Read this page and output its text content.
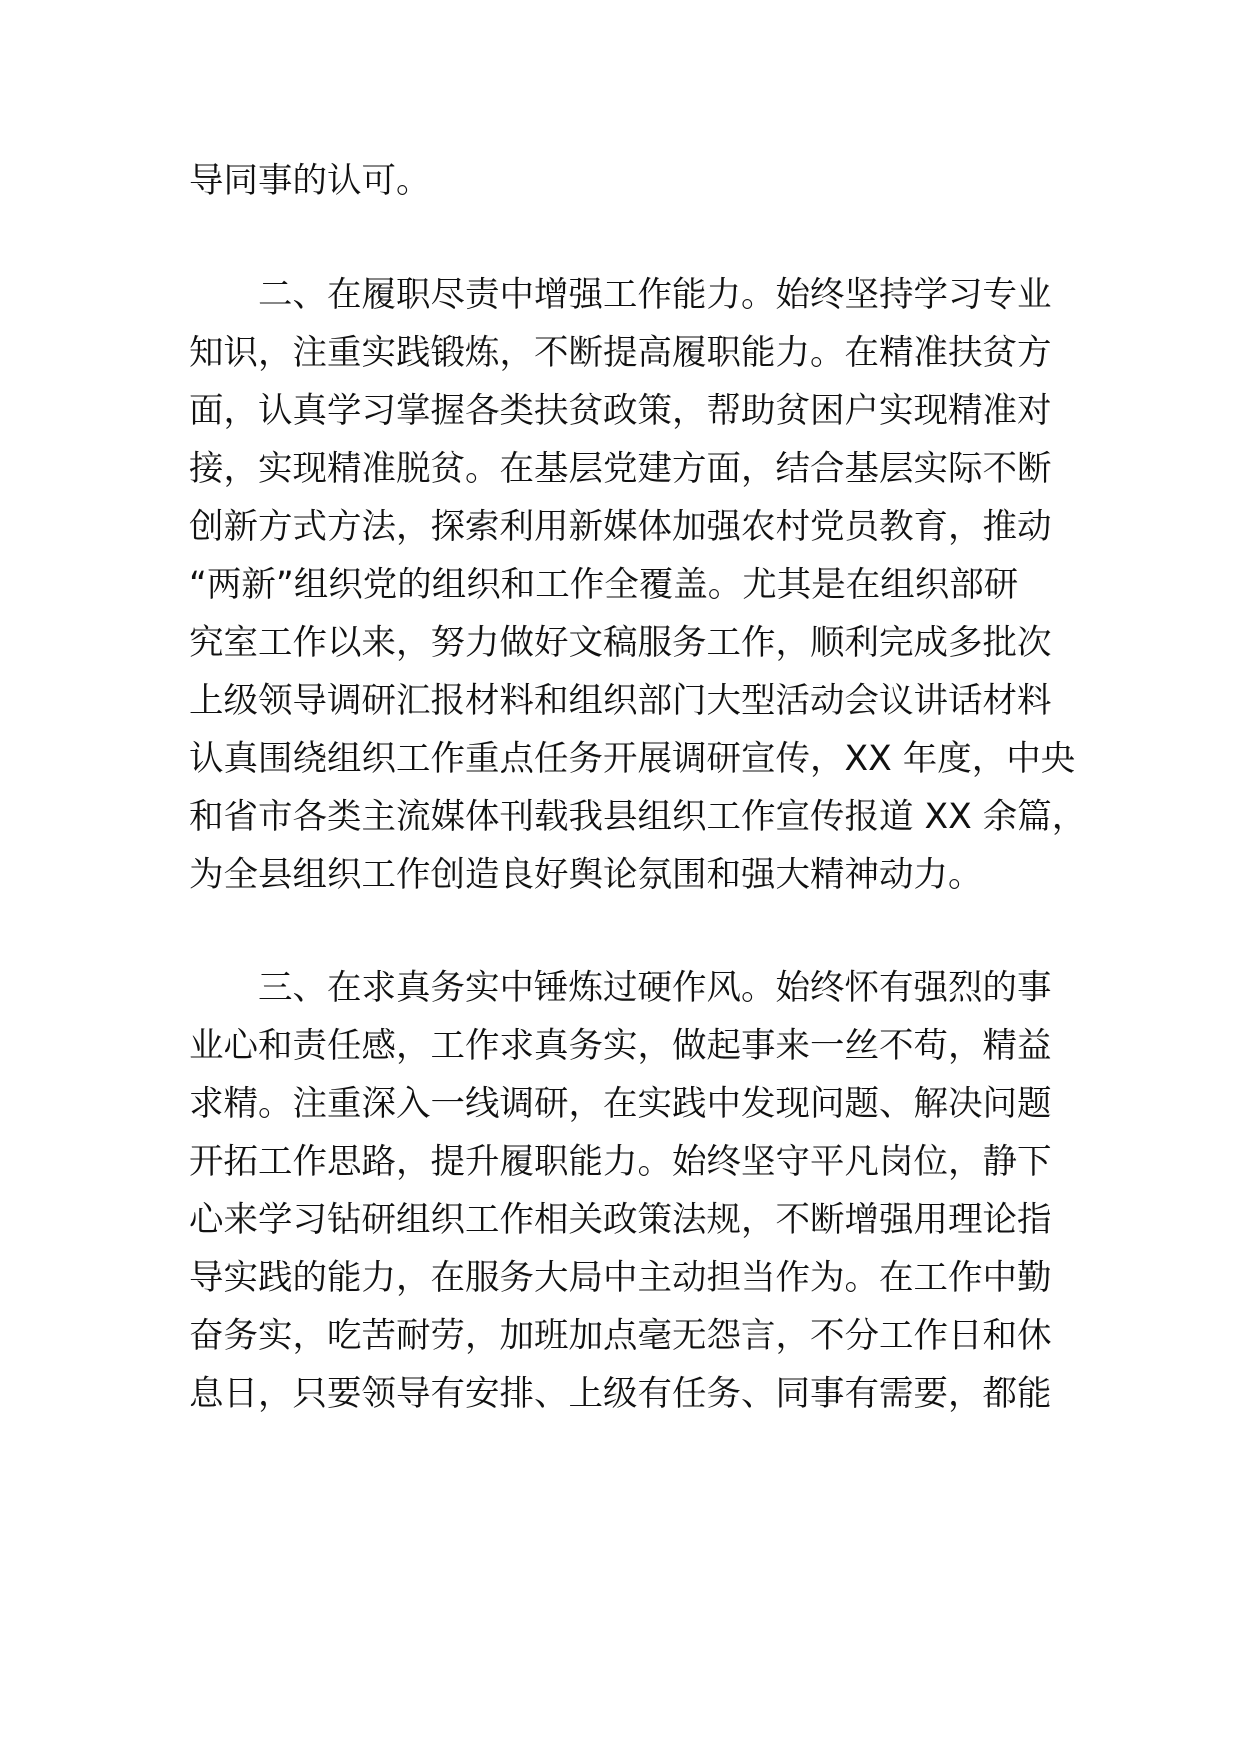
导同事的认可。
　　二、在履职尽责中增强工作能力。始终坚持学习专业
知识，注重实践锻炼，不断提高履职能力。在精准扶贫方
面，认真学习掌握各类扶贫政策，帮助贫困户实现精准对
接，实现精准脱贫。在基层党建方面，结合基层实际不断
创新方式方法，探索利用新媒体加强农村党员教育，推动
“两新”组织党的组织和工作全覆盖。尤其是在组织部研
究室工作以来，努力做好文稿服务工作，顺利完成多批次
上级领导调研汇报材料和组织部门大型活动会议讲话材料
认真围绕组织工作重点任务开展调研宣传，XX 年度，中央
和省市各类主流媒体刊载我县组织工作宣传报道 XX 余篇，
为全县组织工作创造良好舆论氛围和强大精神动力。
　　三、在求真务实中锤炼过硬作风。始终怀有强烈的事
业心和责任感，工作求真务实，做起事来一丝不苟，精益
求精。注重深入一线调研，在实践中发现问题、解决问题
开拓工作思路，提升履职能力。始终坚守平凡岗位，静下
心来学习钻研组织工作相关政策法规，不断增强用理论指
导实践的能力，在服务大局中主动担当作为。在工作中勤
奋务实，吃苦耐劳，加班加点毫无怨言，不分工作日和休
息日，只要领导有安排、上级有任务、同事有需要，都能
